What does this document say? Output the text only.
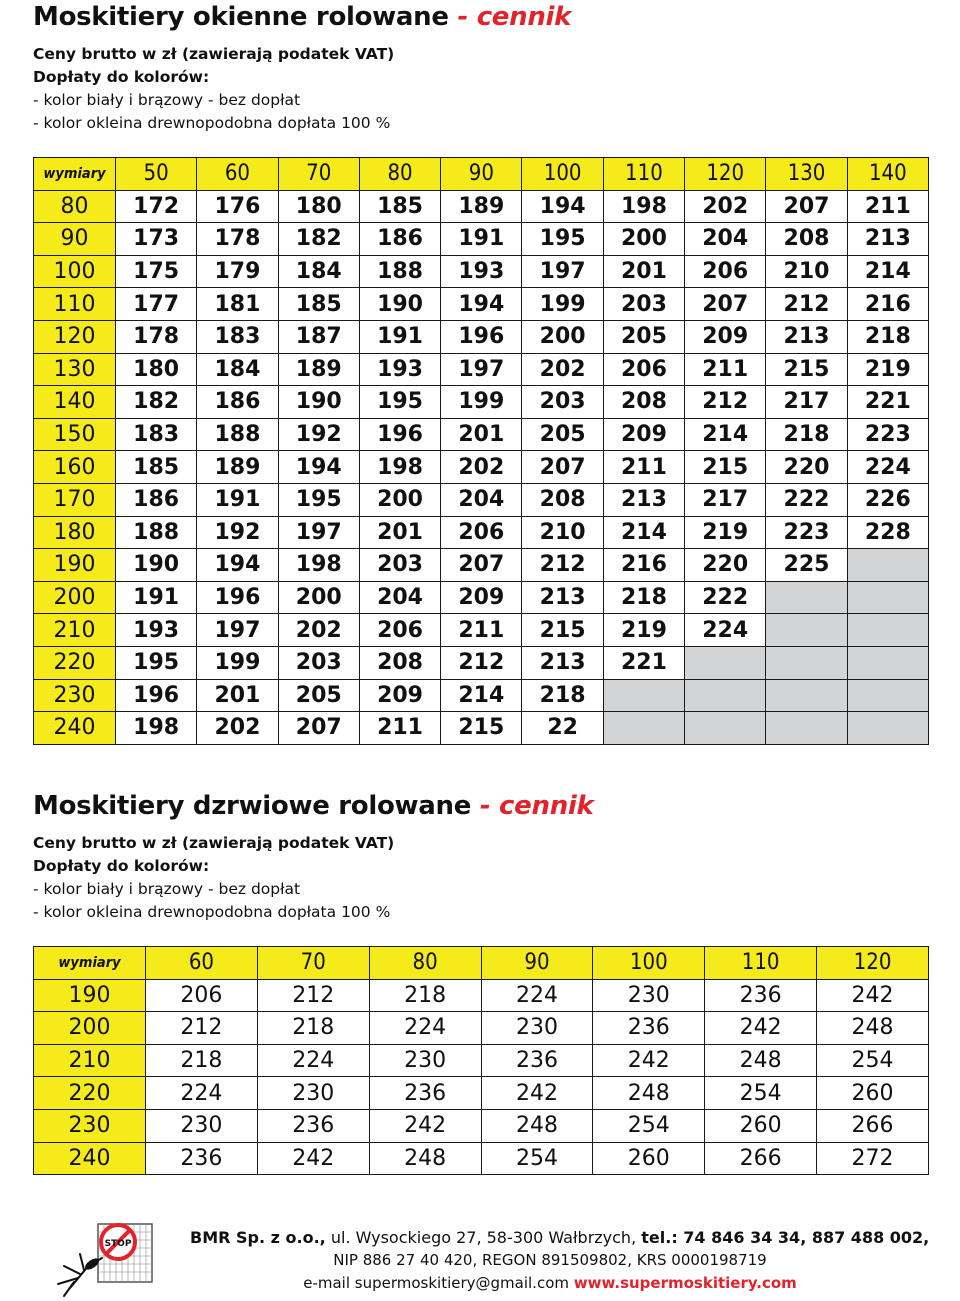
Moskitiery okienne rolowane - cennik
Ceny brutto w zł (zawierają podatek VAT)
Dopłaty do kolorów:
- kolor biały i brązowy - bez dopłat
- kolor okleina drewnopodobna dopłata 100 %
wymiary	50	60	70	80	90	100	110	120	130	140
80	172	176	180	185	189	194	198	202	207	211
90	173	178	182	186	191	195	200	204	208	213
100	175	179	184	188	193	197	201	206	210	214
110	177	181	185	190	194	199	203	207	212	216
120	178	183	187	191	196	200	205	209	213	218
130	180	184	189	193	197	202	206	211	215	219
140	182	186	190	195	199	203	208	212	217	221
150	183	188	192	196	201	205	209	214	218	223
160	185	189	194	198	202	207	211	215	220	224
170	186	191	195	200	204	208	213	217	222	226
180	188	192	197	201	206	210	214	219	223	228
190	190	194	198	203	207	212	216	220	225	
200	191	196	200	204	209	213	218	222		
210	193	197	202	206	211	215	219	224		
220	195	199	203	208	212	213	221			
230	196	201	205	209	214	218				
240	198	202	207	211	215	22				
Moskitiery dzrwiowe rolowane - cennik
Ceny brutto w zł (zawierają podatek VAT)
Dopłaty do kolorów:
- kolor biały i brązowy - bez dopłat
- kolor okleina drewnopodobna dopłata 100 %
wymiary	60	70	80	90	100	110	120
190	206	212	218	224	230	236	242
200	212	218	224	230	236	242	248
210	218	224	230	236	242	248	254
220	224	230	236	242	248	254	260
230	230	236	242	248	254	260	266
240	236	242	248	254	260	266	272
STOP	BMR Sp. z o.o., ul. Wysockiego 27, 58-300 Wałbrzych, tel.: 74 846 34 34, 887 488 002,
NIP 886 27 40 420, REGON 891509802, KRS 0000198719
e-mail supermoskitiery@gmail.com www.supermoskitiery.com
